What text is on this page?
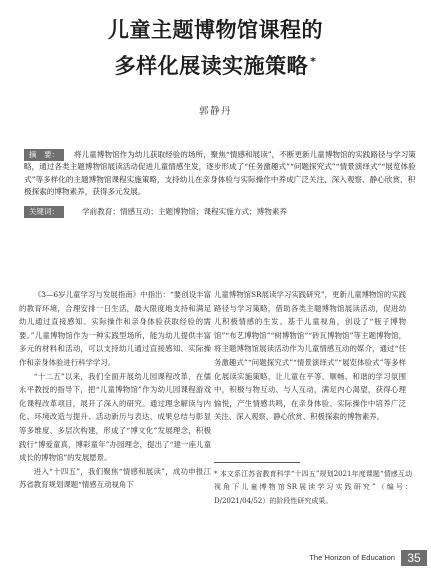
儿童主题博物馆课程的
多样化展读实施策略 *
郭静丹
摘　要： 将儿童博物馆作为幼儿获取经验的场所，聚焦“情感和展读”，不断更新儿童博物馆的实践路径与学习策略，通过各类主题博物馆展读活动促进儿童情感生发，逐步形成了“任务激趣式”“问题探究式”“情景演绎式”“展览体验式”等多样化的主题博物馆课程实施策略，支持幼儿在亲身体验与实际操作中养成广泛关注、深入观察、静心欣赏、积极探索的博物素养，获得多元发展。
关键词：	学前教育；情感互动；主题博物馆；课程实施方式；博物素养

《3—6岁儿童学习与发展指南》中指出：“要创设丰富的教育环境，合理安排一日生活，最大限度地支持和满足幼儿通过直接感知、实际操作和亲身体验获取经验的需要。”儿童博物馆作为一种实践型场所，能为幼儿提供丰富多元的材料和活动，可以支持幼儿通过直接感知、实际操作和亲身体验进行科学学习。

“十二五”以来，我们全面开展幼儿园课程改革，在儒永平教授的指导下，把“儿童博物馆”作为幼儿园课程游戏化课程改革项目，展开了深入的研究。通过理念解读与内化、环境改造与提升、活动新历与表达、成果总结与彰显等多维度、多层次构建，形成了“博文化”发展理念，积极践行“博爱童真，博彩童年”办园理念，提出了“建一座儿童成长的博物馆”的发展愿景。

进入“十四五”，我们聚焦“情感和展读”，成功申报江苏省教育规划课题“情感互动视角下

儿童博物馆SR展读学习实践研究”，更新儿童博物馆的实践路径与学习策略，借助各类主题博物馆展读活动，促进幼儿积极情感的生发。基于儿童视角，创设了“瓶子博物馆”“布艺博物馆”“树博物馆”“砖瓦博物馆”等主题博物馆，将主题博物馆展读活动作为儿童情感互动的媒介，通过“任务激趣式”“问题探究式”“情景演绎式”“展览体验式”等多样化展读实施策略，让儿童在平等、顺畅、和谐的学习氛围中，积极与物互动、与人互动，满足内心渴望，获得心理愉悦，产生情感共鸣，在亲身体验、实际操作中培养广泛关注、深入观察、静心欣赏、积极探索的博物素养。

* 本文系江苏省教育科学“十四五”规划2021年度课题“情感互动视角下儿童博物馆SR展读学习实践研究”（编号：D/2021/04/52）的阶段性研究成果。
The Horizon of Education	35
